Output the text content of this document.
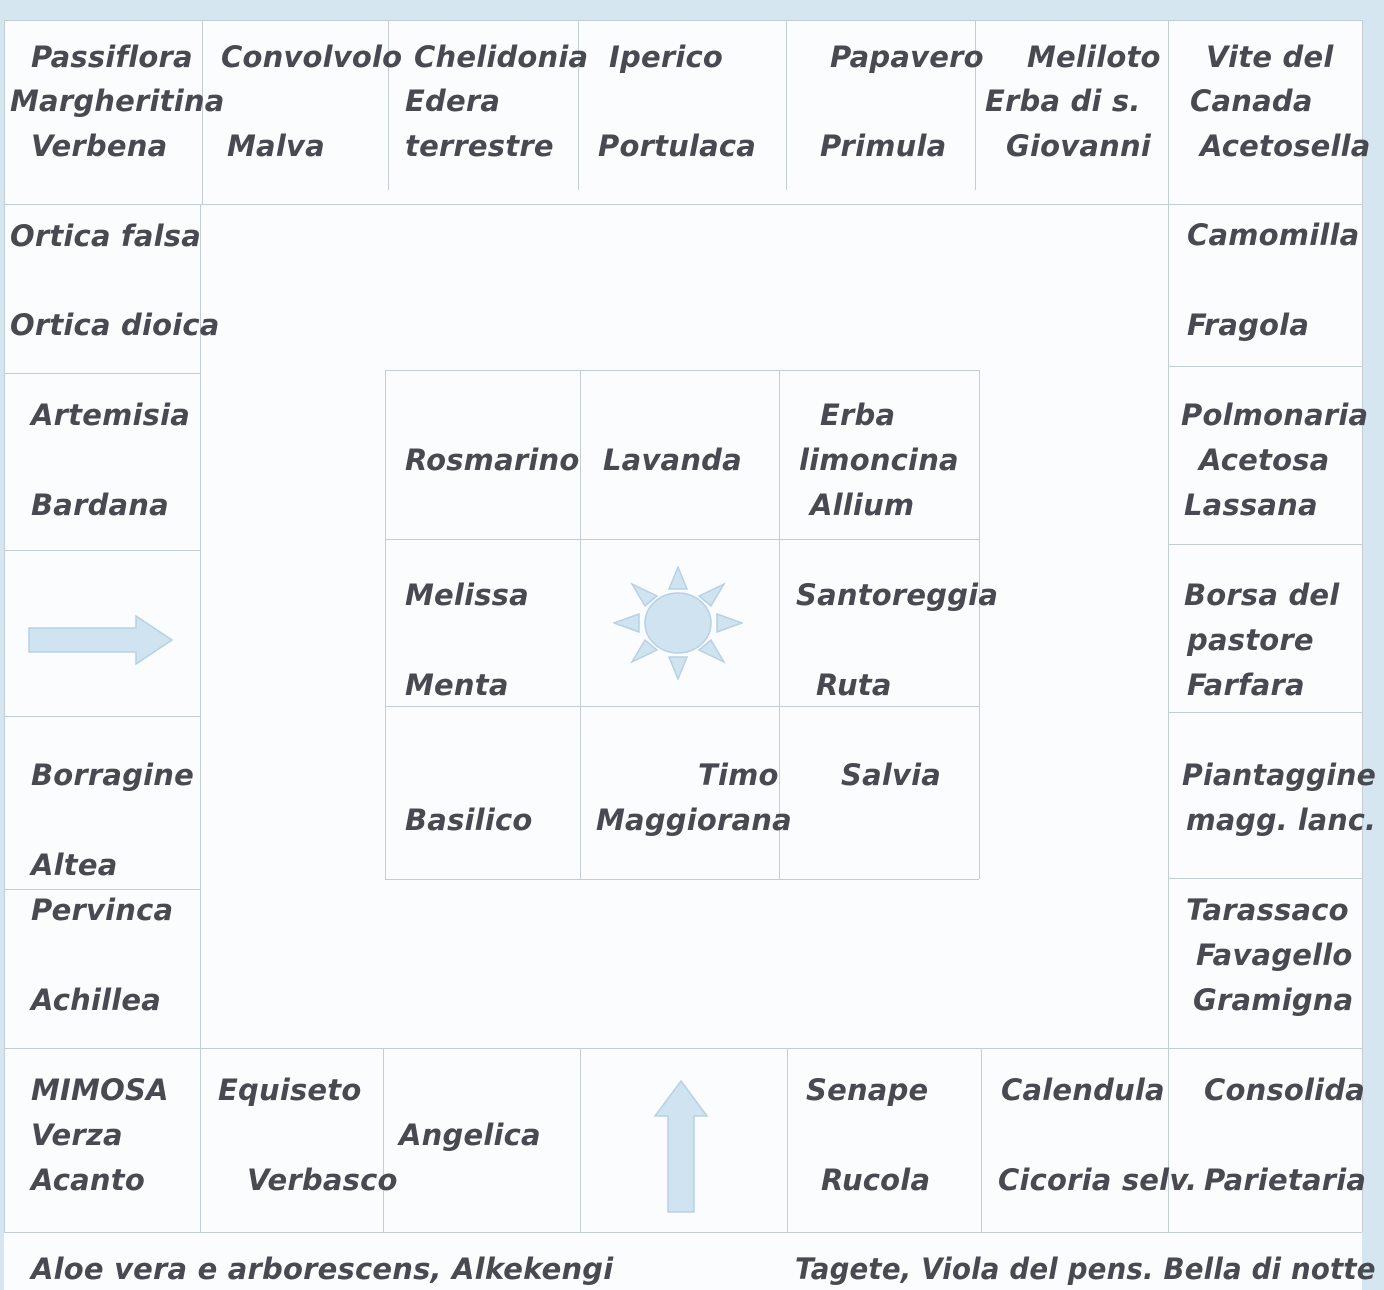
Passiflora
Margheritina
Verbena
Convolvolo
Malva
Chelidonia
Edera
terrestre
Iperico
Portulaca
Papavero
Primula
Meliloto
Erba di s.
Giovanni
Vite del
Canada
Acetosella
Ortica falsa
Ortica dioica
Artemisia
Bardana
Borragine
Altea
Pervinca
Achillea
Camomilla
Fragola
Polmonaria
Acetosa
Lassana
Borsa del
pastore
Farfara
Piantaggine
magg. lanc.
Tarassaco
Favagello
Gramigna
Rosmarino Lavanda
Erba
limoncina
Allium
Melissa
Menta
Santoreggia
Ruta
Basilico
Timo
Maggiorana
Salvia
MIMOSA
Verza
Acanto
Equiseto
Verbasco
Angelica
Senape
Rucola
Calendula
Cicoria selv.
Consolida
Parietaria
Aloe vera e arborescens, Alkekengi	Tagete, Viola del pens. Bella di notte
